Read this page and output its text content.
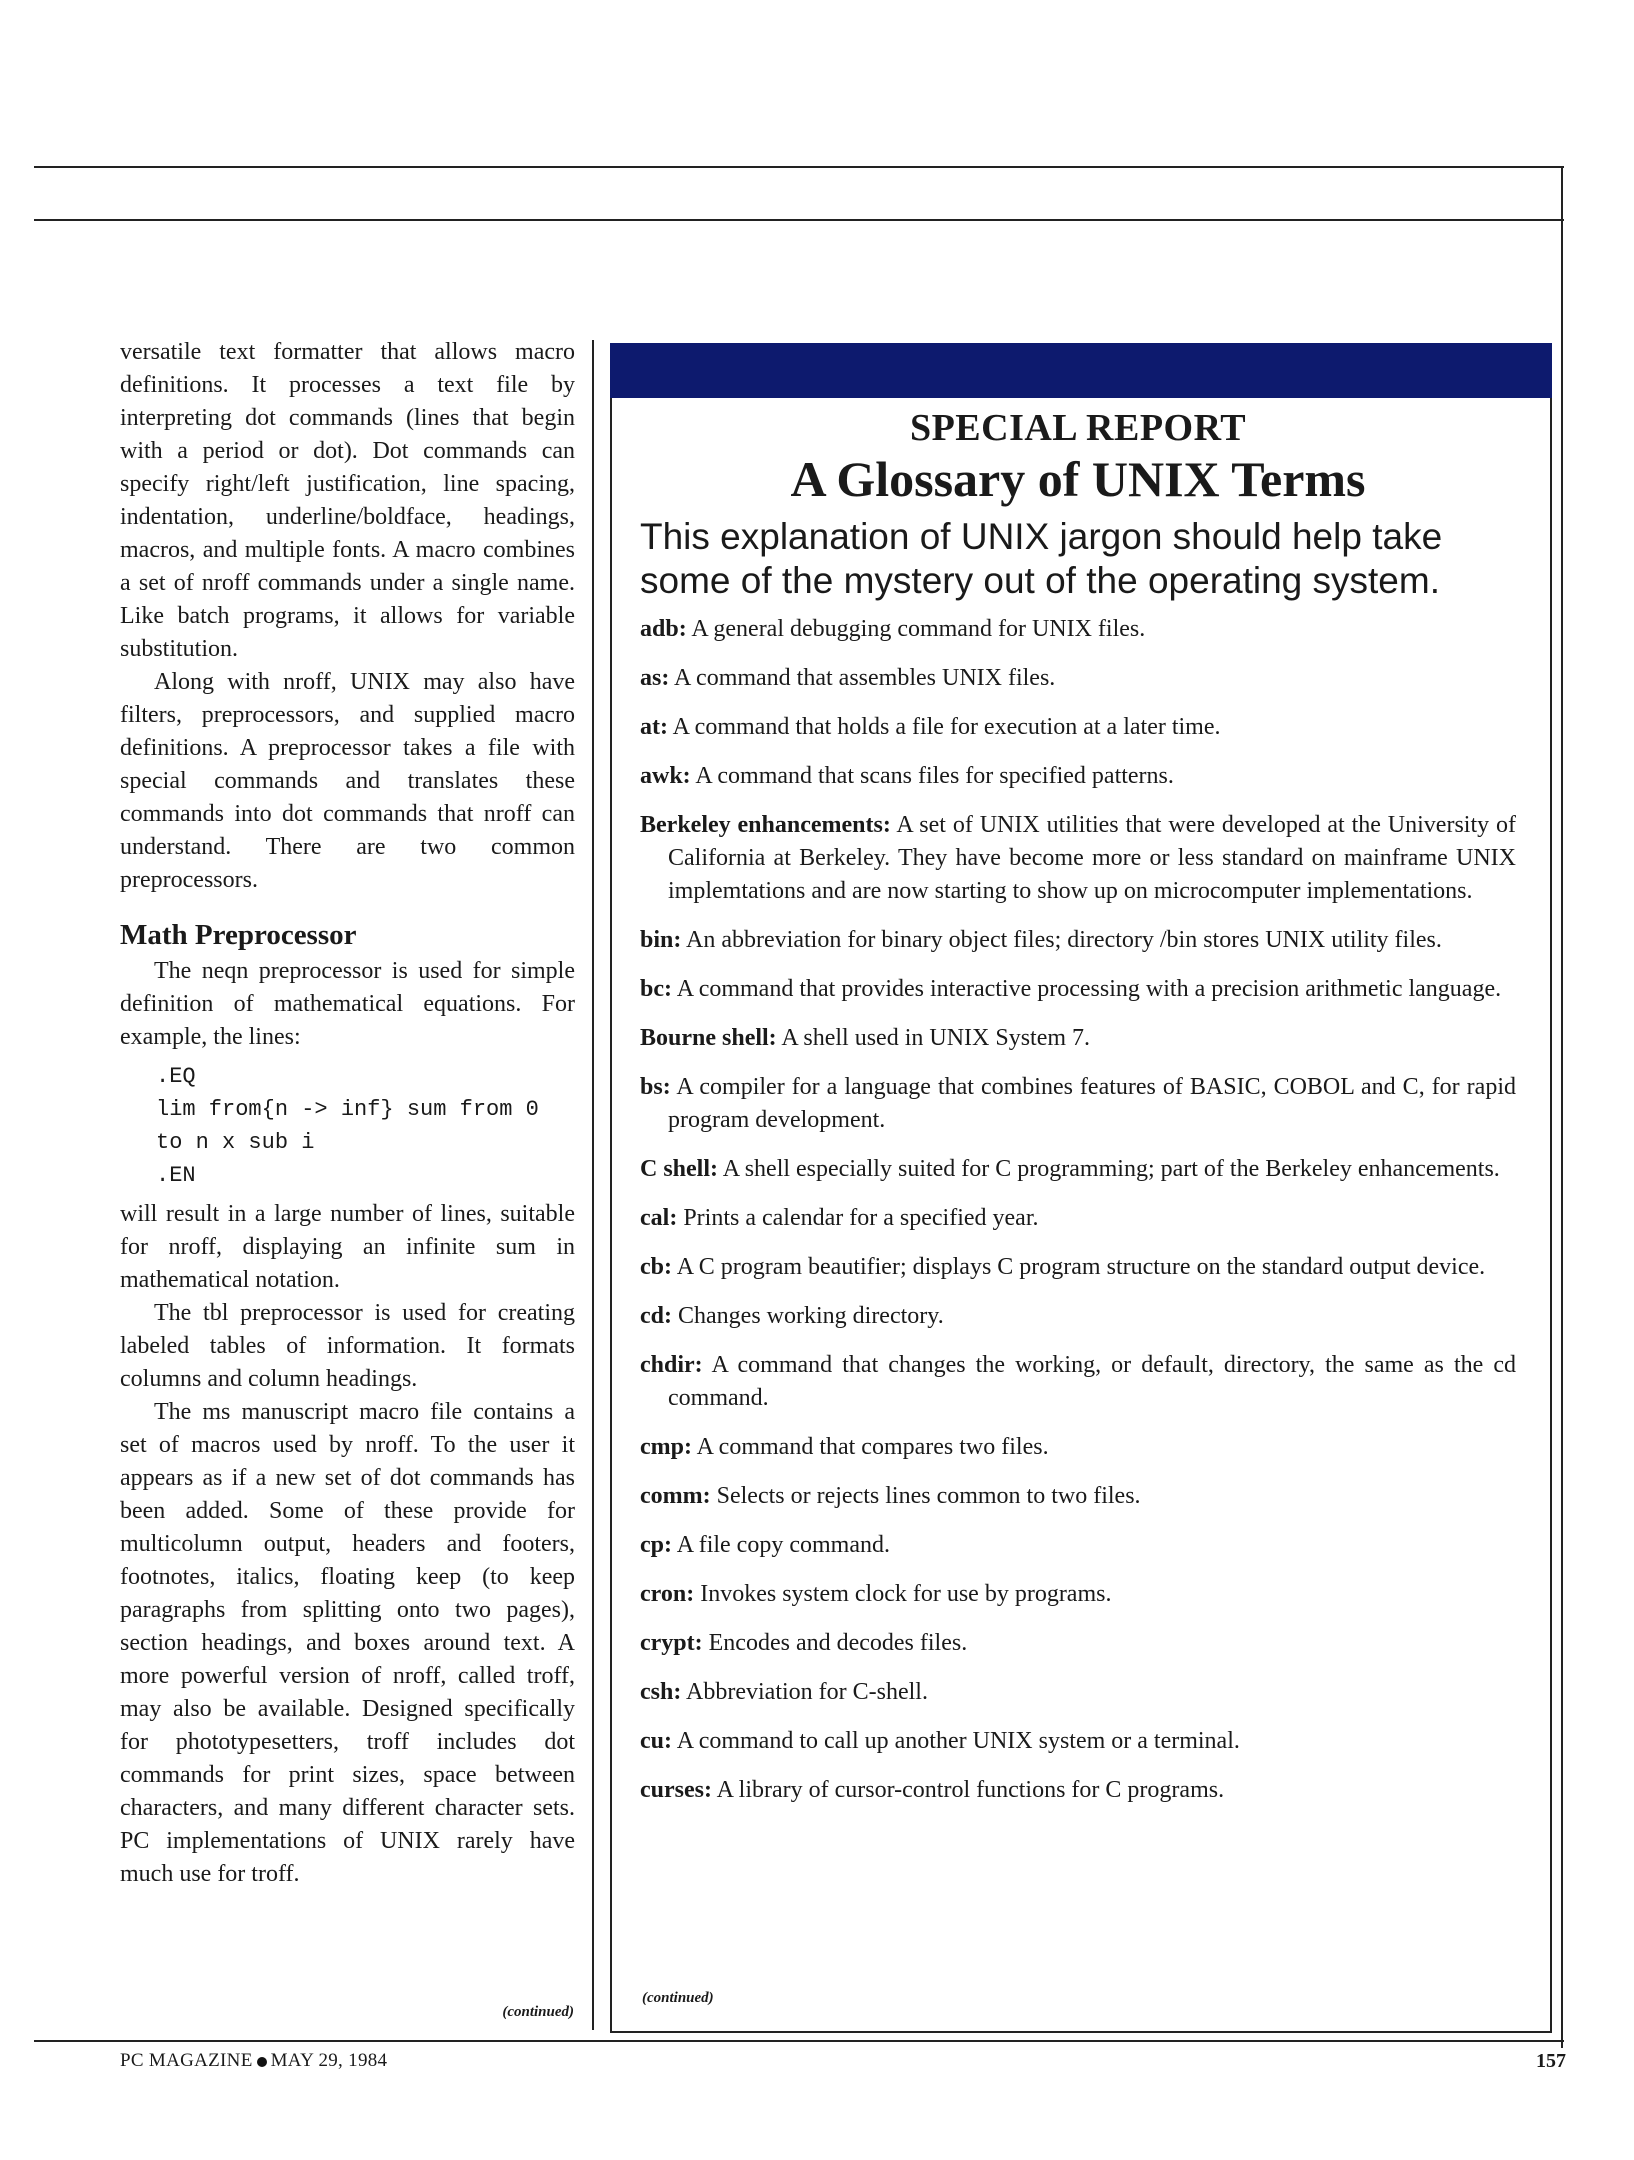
versatile text formatter that allows macro definitions. It processes a text file by interpreting dot commands (lines that begin with a period or dot). Dot commands can specify right/left justification, line spacing, indentation, underline/boldface, headings, macros, and multiple fonts. A macro combines a set of nroff commands under a single name. Like batch programs, it allows for variable substitution.

Along with nroff, UNIX may also have filters, preprocessors, and supplied macro definitions. A preprocessor takes a file with special commands and translates these commands into dot commands that nroff can understand. There are two common preprocessors.

Math Preprocessor

The neqn preprocessor is used for simple definition of mathematical equations. For example, the lines:

.EQ
lim from{n -> inf} sum from 0
to n x sub i
.EN

will result in a large number of lines, suitable for nroff, displaying an infinite sum in mathematical notation.

The tbl preprocessor is used for creating labeled tables of information. It formats columns and column headings.

The ms manuscript macro file contains a set of macros used by nroff. To the user it appears as if a new set of dot commands has been added. Some of these provide for multicolumn output, headers and footers, footnotes, italics, floating keep (to keep paragraphs from splitting onto two pages), section headings, and boxes around text. A more powerful version of nroff, called troff, may also be available. Designed specifically for phototypesetters, troff includes dot commands for print sizes, space between characters, and many different character sets. PC implementations of UNIX rarely have much use for troff.

(continued)

SPECIAL REPORT

A Glossary of UNIX Terms

This explanation of UNIX jargon should help take some of the mystery out of the operating system.

adb: A general debugging command for UNIX files.

as: A command that assembles UNIX files.

at: A command that holds a file for execution at a later time.

awk: A command that scans files for specified patterns.

Berkeley enhancements: A set of UNIX utilities that were developed at the University of California at Berkeley. They have become more or less standard on mainframe UNIX implemtations and are now starting to show up on microcomputer implementations.

bin: An abbreviation for binary object files; directory /bin stores UNIX utility files.

bc: A command that provides interactive processing with a precision arithmetic language.

Bourne shell: A shell used in UNIX System 7.

bs: A compiler for a language that combines features of BASIC, COBOL and C, for rapid program development.

C shell: A shell especially suited for C programming; part of the Berkeley enhancements.

cal: Prints a calendar for a specified year.

cb: A C program beautifier; displays C program structure on the standard output device.

cd: Changes working directory.

chdir: A command that changes the working, or default, directory, the same as the cd command.

cmp: A command that compares two files.

comm: Selects or rejects lines common to two files.

cp: A file copy command.

cron: Invokes system clock for use by programs.

crypt: Encodes and decodes files.

csh: Abbreviation for C-shell.

cu: A command to call up another UNIX system or a terminal.

curses: A library of cursor-control functions for C programs.

(continued)
PC MAGAZINE MAY 29, 1984	157
